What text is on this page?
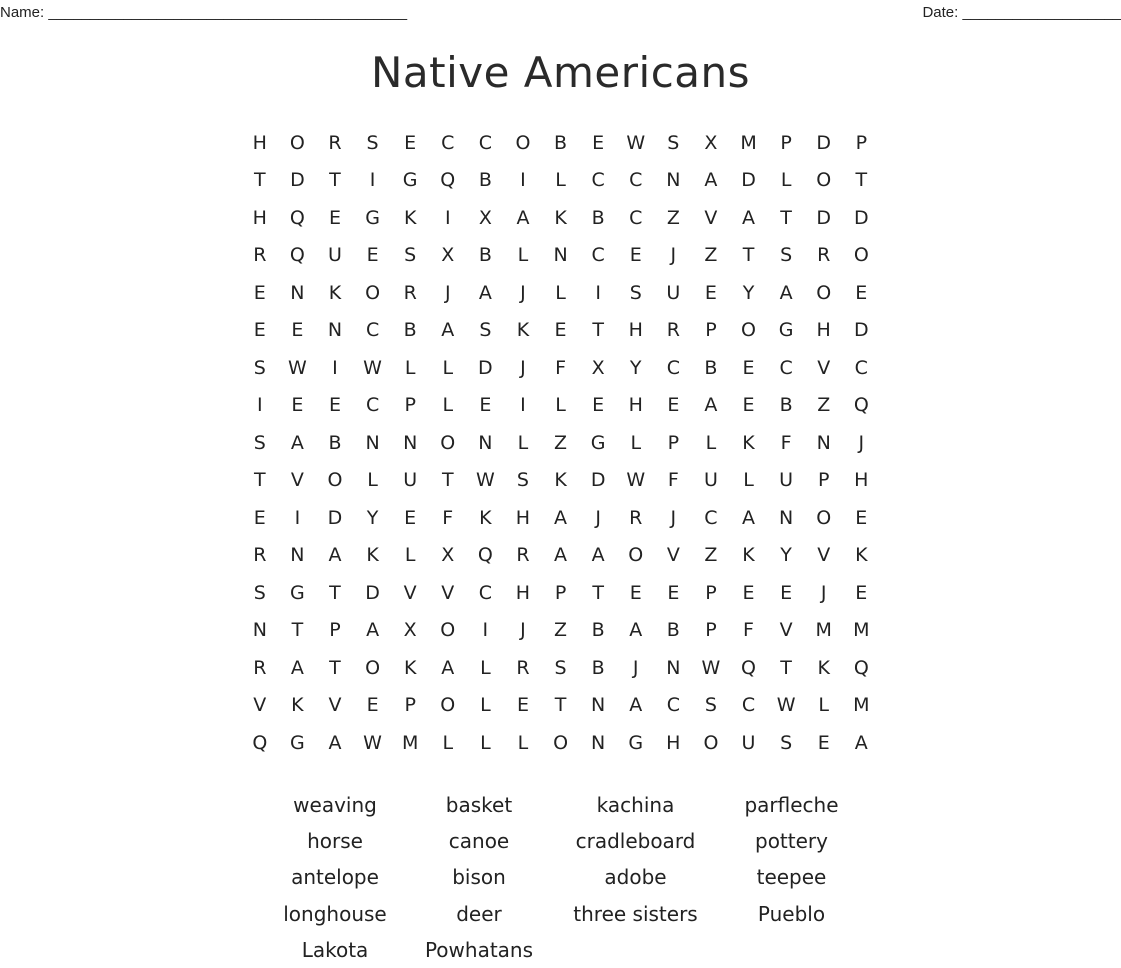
Name: ___________________________________________	Date: ___________________
Native Americans
H	O	R	S	E	C	C	O	B	E	W	S	X	M	P	D	P
T	D	T	I	G	Q	B	I	L	C	C	N	A	D	L	O	T
H	Q	E	G	K	I	X	A	K	B	C	Z	V	A	T	D	D
R	Q	U	E	S	X	B	L	N	C	E	J	Z	T	S	R	O
E	N	K	O	R	J	A	J	L	I	S	U	E	Y	A	O	E
E	E	N	C	B	A	S	K	E	T	H	R	P	O	G	H	D
S	W	I	W	L	L	D	J	F	X	Y	C	B	E	C	V	C
I	E	E	C	P	L	E	I	L	E	H	E	A	E	B	Z	Q
S	A	B	N	N	O	N	L	Z	G	L	P	L	K	F	N	J
T	V	O	L	U	T	W	S	K	D	W	F	U	L	U	P	H
E	I	D	Y	E	F	K	H	A	J	R	J	C	A	N	O	E
R	N	A	K	L	X	Q	R	A	A	O	V	Z	K	Y	V	K
S	G	T	D	V	V	C	H	P	T	E	E	P	E	E	J	E
N	T	P	A	X	O	I	J	Z	B	A	B	P	F	V	M	M
R	A	T	O	K	A	L	R	S	B	J	N	W	Q	T	K	Q
V	K	V	E	P	O	L	E	T	N	A	C	S	C	W	L	M
Q	G	A	W	M	L	L	L	O	N	G	H	O	U	S	E	A
weaving	basket	kachina	parfleche
horse	canoe	cradleboard	pottery
antelope	bison	adobe	teepee
longhouse	deer	three sisters	Pueblo
Lakota	Powhatans
